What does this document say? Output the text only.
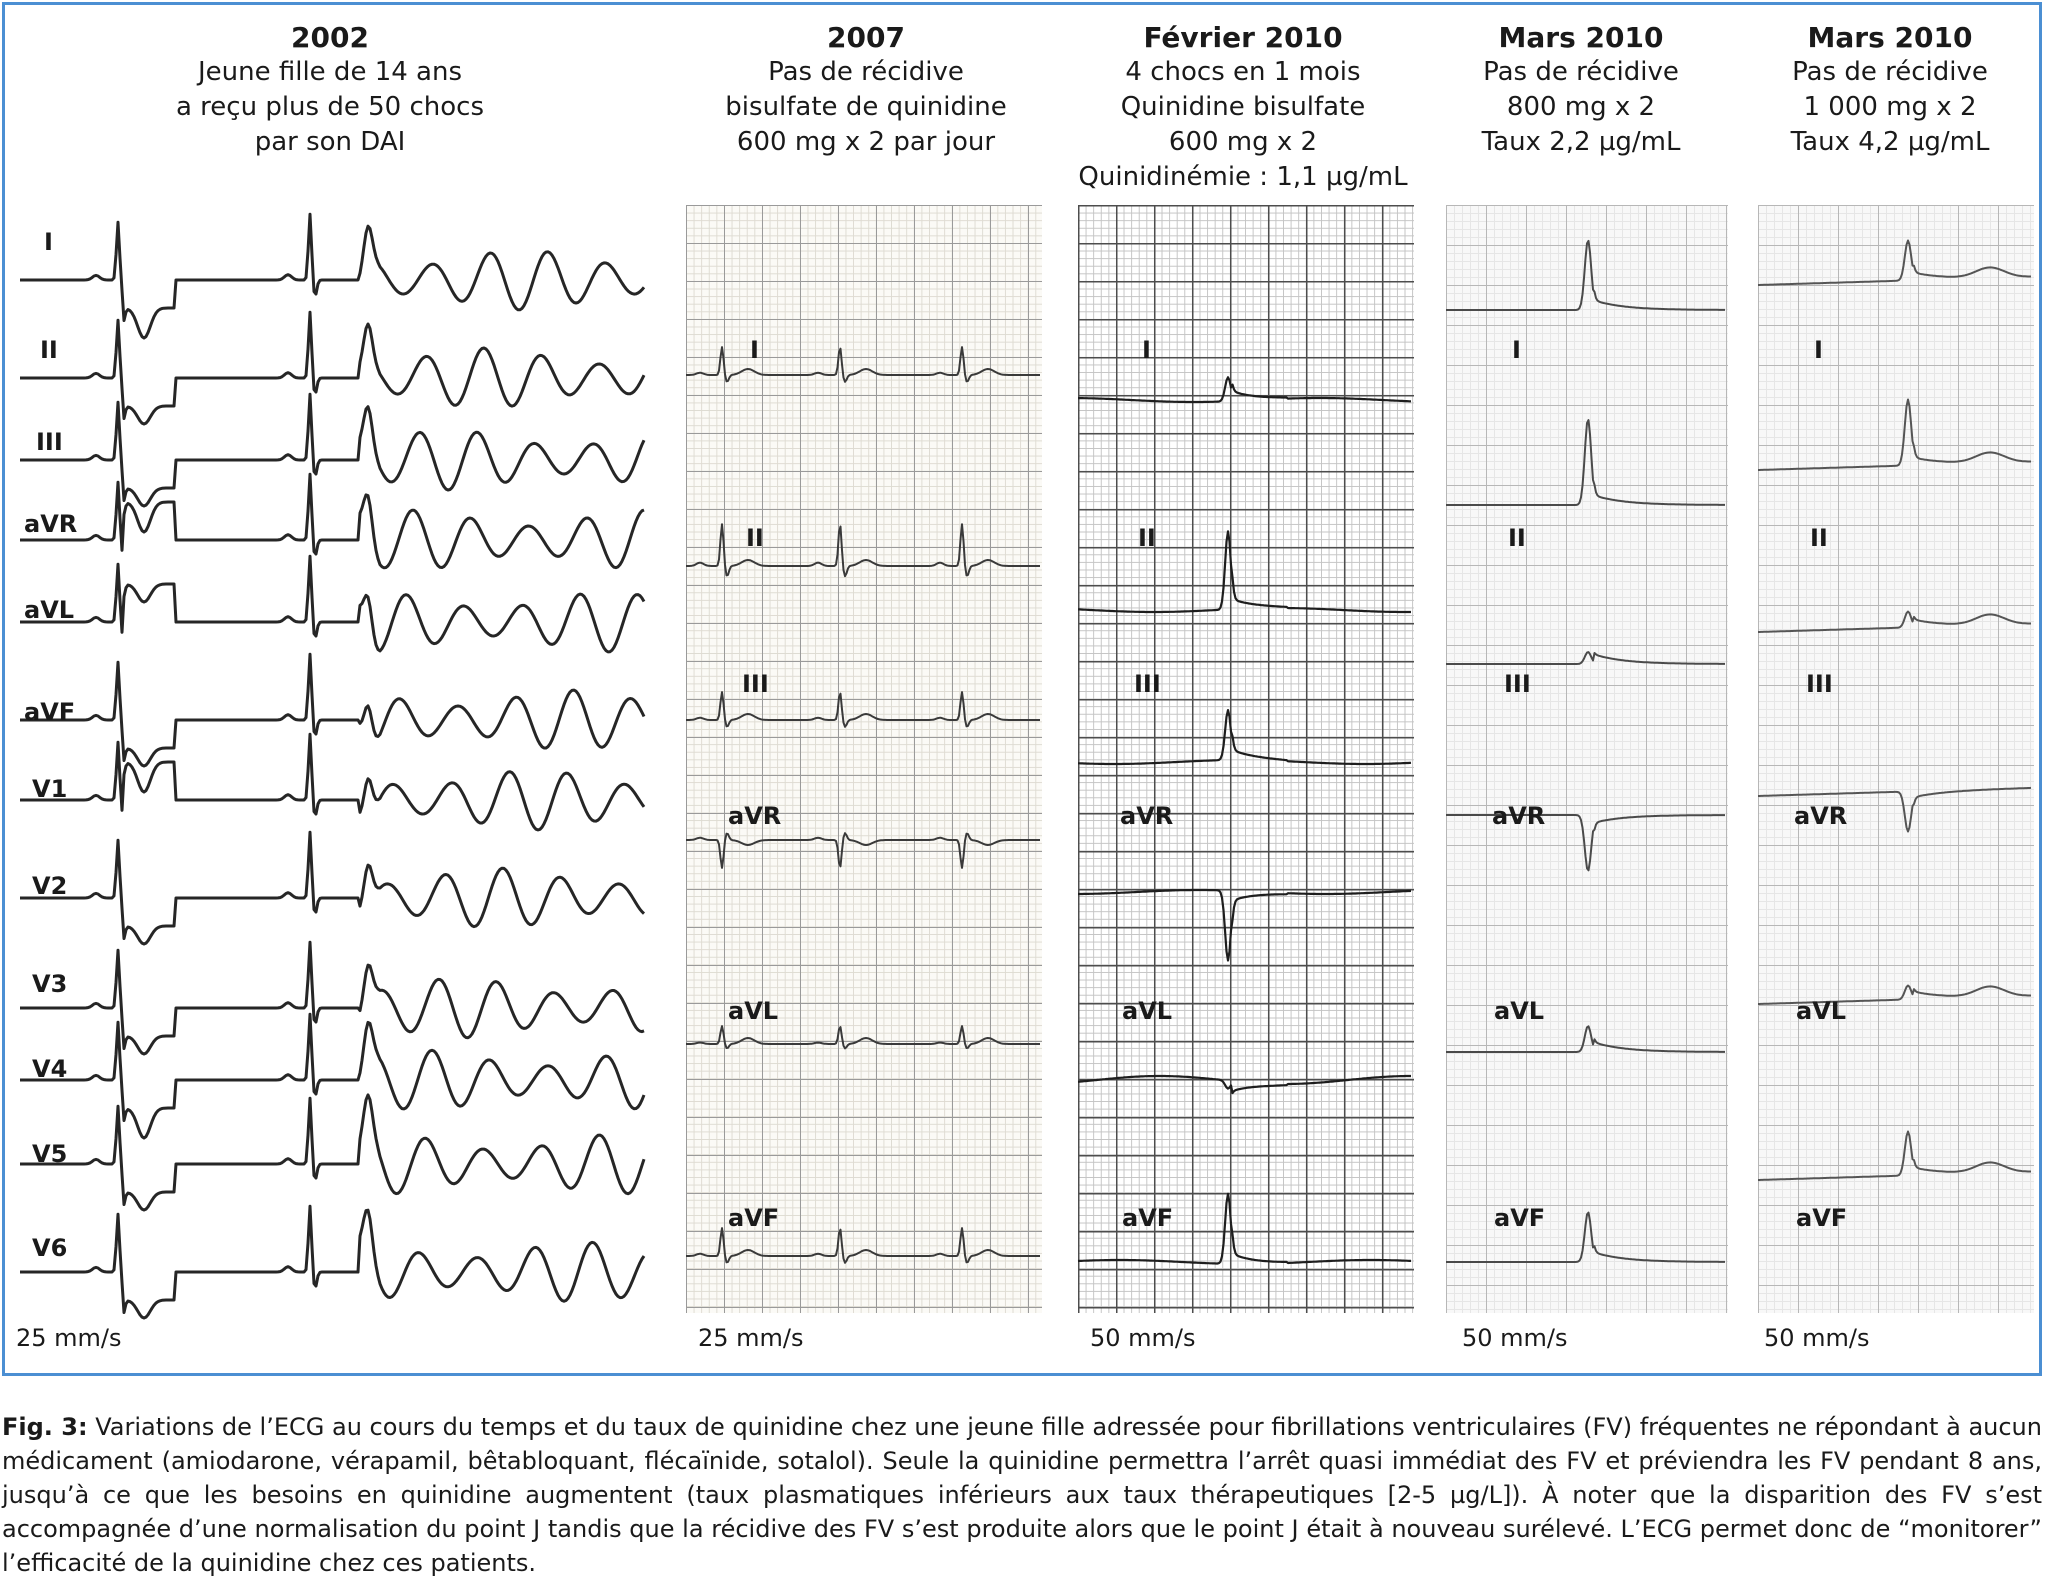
2002
Jeune fille de 14 ans
a reçu plus de 50 chocs
par son DAI
2007
Pas de récidive
bisulfate de quinidine
600 mg x 2 par jour
Février 2010
4 chocs en 1 mois
Quinidine bisulfate
600 mg x 2
Quinidinémie : 1,1 µg/mL
Mars 2010
Pas de récidive
800 mg x 2
Taux 2,2 µg/mL
Mars 2010
Pas de récidive
1 000 mg x 2
Taux 4,2 µg/mL
I
II
III
aVR
aVL
aVF
V1
V2
V3
V4
V5
V6
I
II
III
aVR
aVL
aVF
I
II
III
aVR
aVL
aVF
I
II
III
aVR
aVL
aVF
I
II
III
aVR
aVL
aVF
25 mm/s	25 mm/s	50 mm/s	50 mm/s	50 mm/s
Fig. 3: Variations de l’ECG au cours du temps et du taux de quinidine chez une jeune fille adressée pour fibrillations ventriculaires (FV) fréquentes ne répondant à aucun médicament (amiodarone, vérapamil, bêtabloquant, flécaïnide, sotalol). Seule la quinidine permettra l’arrêt quasi immédiat des FV et préviendra les FV pendant 8 ans, jusqu’à ce que les besoins en quinidine augmentent (taux plasmatiques inférieurs aux taux thérapeutiques [2-5 µg/L]). À noter que la disparition des FV s’est accompagnée d’une normalisation du point J tandis que la récidive des FV s’est produite alors que le point J était à nouveau surélevé. L’ECG permet donc de “monitorer” l’efficacité de la quinidine chez ces patients.
